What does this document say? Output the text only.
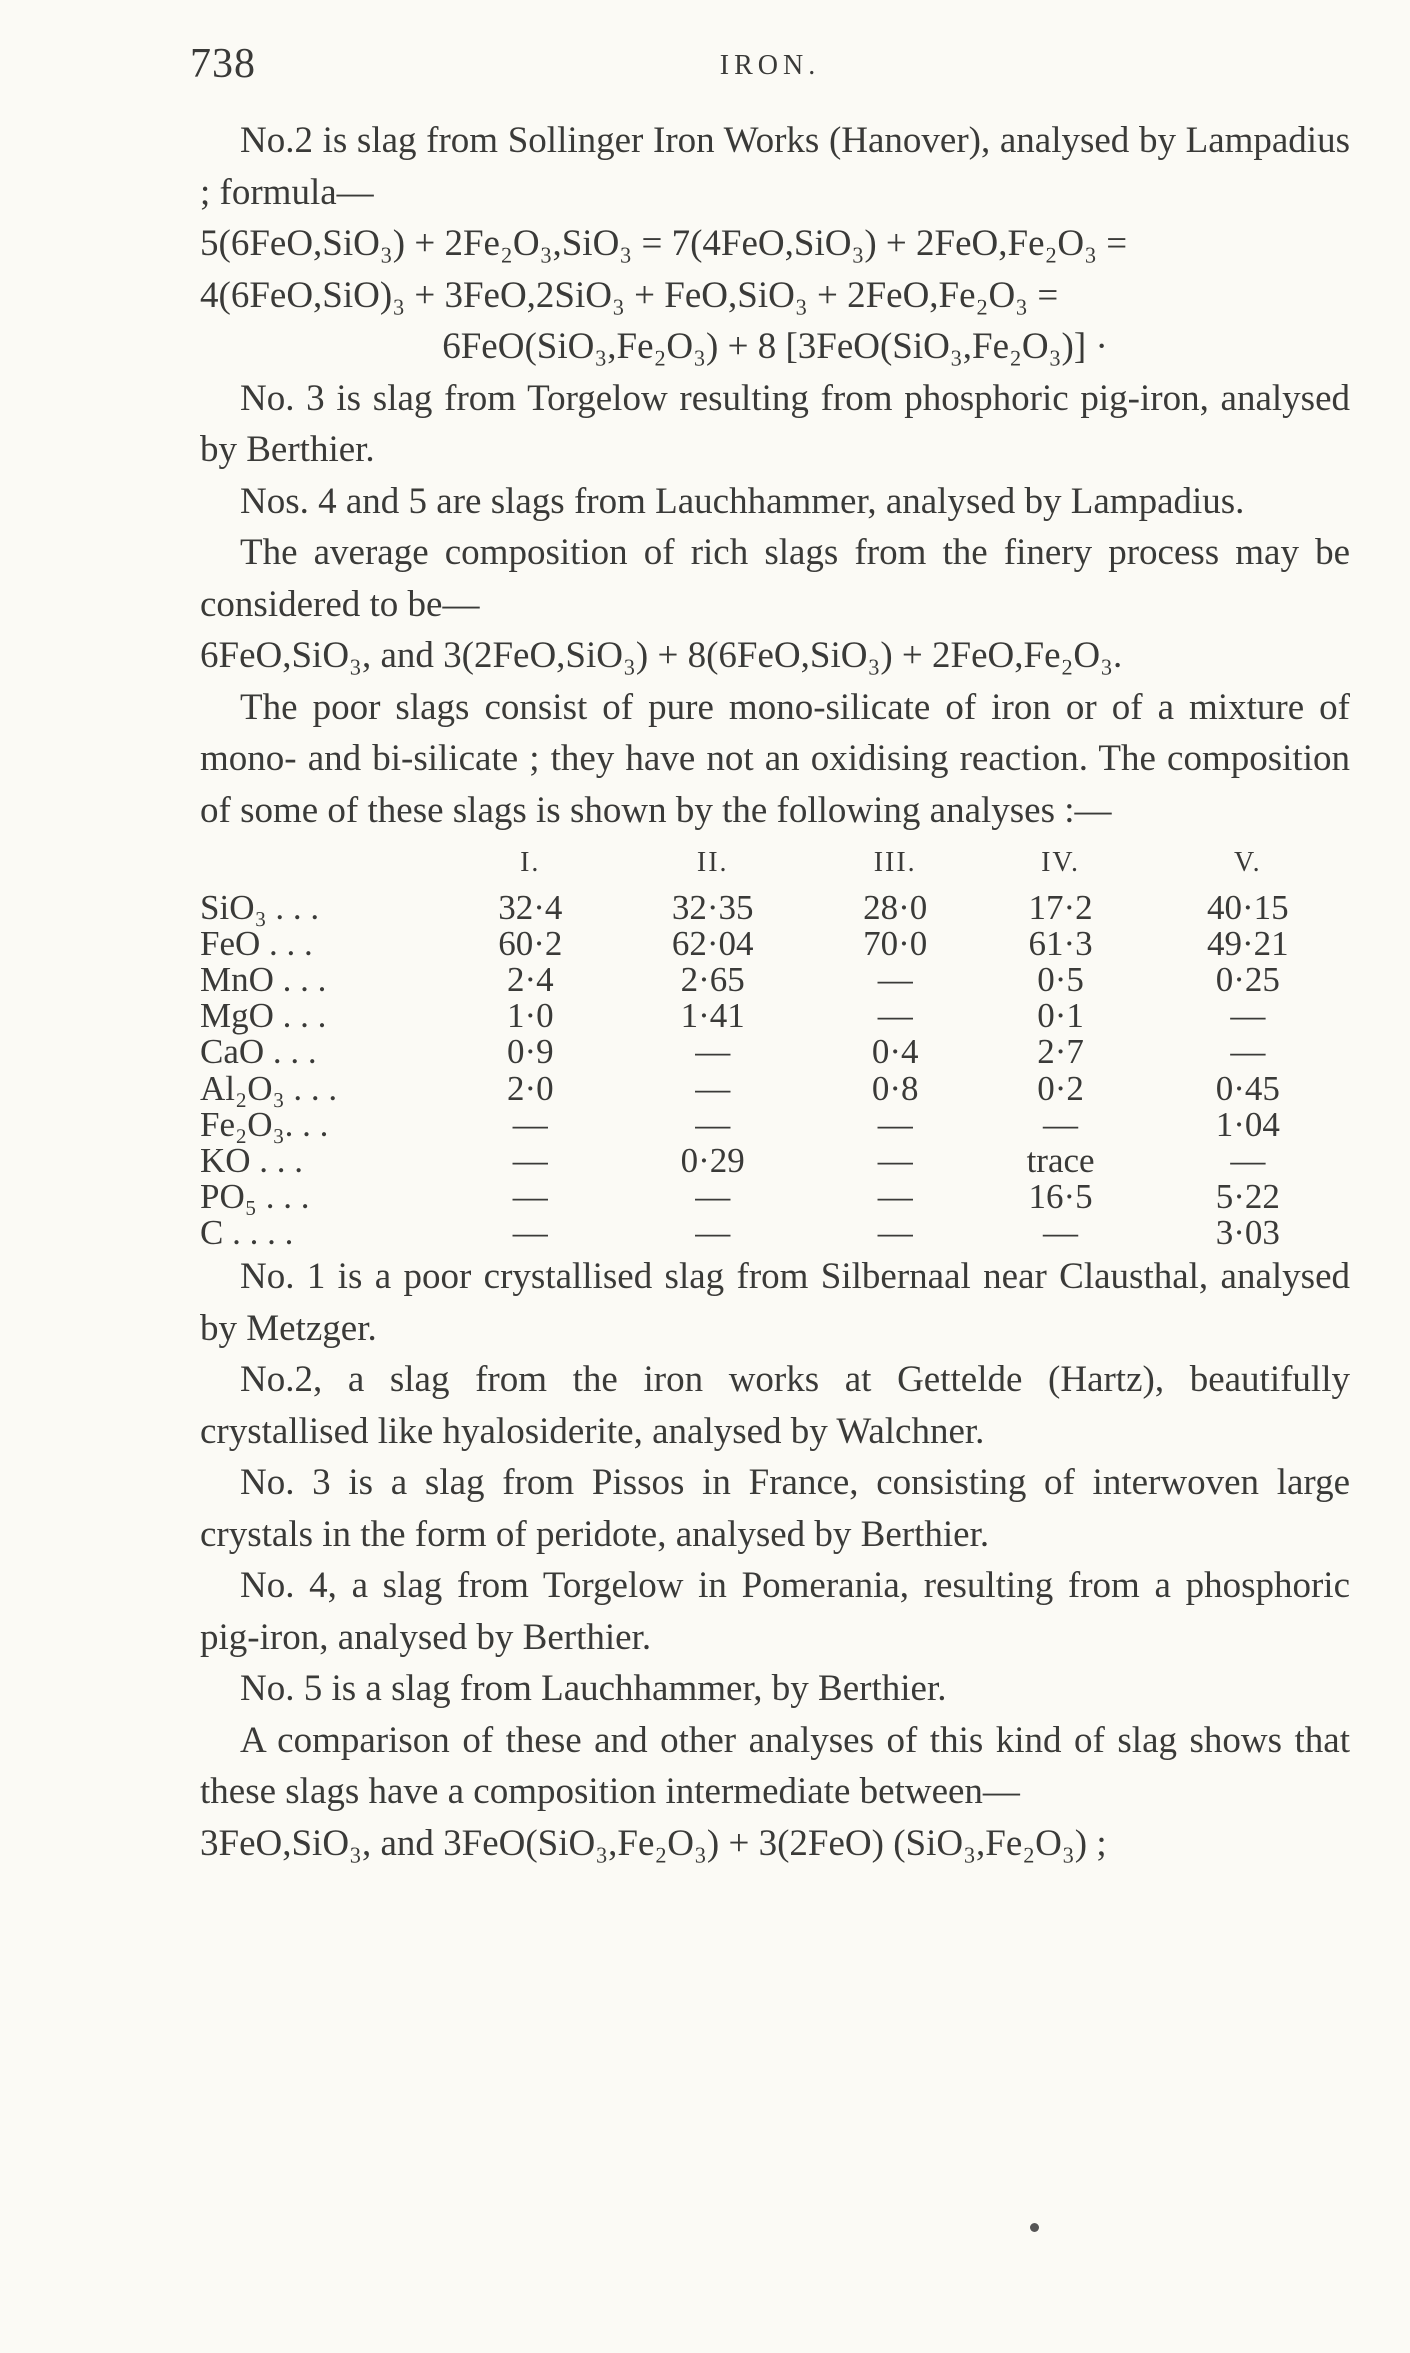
738	IRON.

No.2 is slag from Sollinger Iron Works (Hanover), analysed by Lampadius ; formula—

5(6FeO,SiO₃) + 2Fe₂O₃,SiO₃ = 7(4FeO,SiO₃) + 2FeO,Fe₂O₃ =

4(6FeO,SiO)₃ + 3FeO,2SiO₃ + FeO,SiO₃ + 2FeO,Fe₂O₃ =

6FeO(SiO₃,Fe₂O₃) + 8 [3FeO(SiO₃,Fe₂O₃)] ·

No. 3 is slag from Torgelow resulting from phosphoric pig-iron, analysed by Berthier.

Nos. 4 and 5 are slags from Lauchhammer, analysed by Lampadius.

The average composition of rich slags from the finery process may be considered to be—

6FeO,SiO₃, and 3(2FeO,SiO₃) + 8(6FeO,SiO₃) + 2FeO,Fe₂O₃.

The poor slags consist of pure mono-silicate of iron or of a mixture of mono- and bi-silicate ; they have not an oxidising reaction. The composition of some of these slags is shown by the following analyses :—

	I.	II.	III.	IV.	V.
SiO₃ . . .	32·4	32·35	28·0	17·2	40·15
FeO . . .	60·2	62·04	70·0	61·3	49·21
MnO . . .	2·4	2·65	—	0·5	0·25
MgO . . .	1·0	1·41	—	0·1	—
CaO . . .	0·9	—	0·4	2·7	—
Al₂O₃ . . .	2·0	—	0·8	0·2	0·45
Fe₂O₃. . .	—	—	—	—	1·04
KO . . .	—	0·29	—	trace	—
PO₅ . . .	—	—	—	16·5	5·22
C . . . .	—	—	—	—	3·03

No. 1 is a poor crystallised slag from Silbernaal near Clausthal, analysed by Metzger.

No.2, a slag from the iron works at Gettelde (Hartz), beautifully crystallised like hyalosiderite, analysed by Walchner.

No. 3 is a slag from Pissos in France, consisting of interwoven large crystals in the form of peridote, analysed by Berthier.

No. 4, a slag from Torgelow in Pomerania, resulting from a phosphoric pig-iron, analysed by Berthier.

No. 5 is a slag from Lauchhammer, by Berthier.

A comparison of these and other analyses of this kind of slag shows that these slags have a composition intermediate between—

3FeO,SiO₃, and 3FeO(SiO₃,Fe₂O₃) + 3(2FeO) (SiO₃,Fe₂O₃) ;
